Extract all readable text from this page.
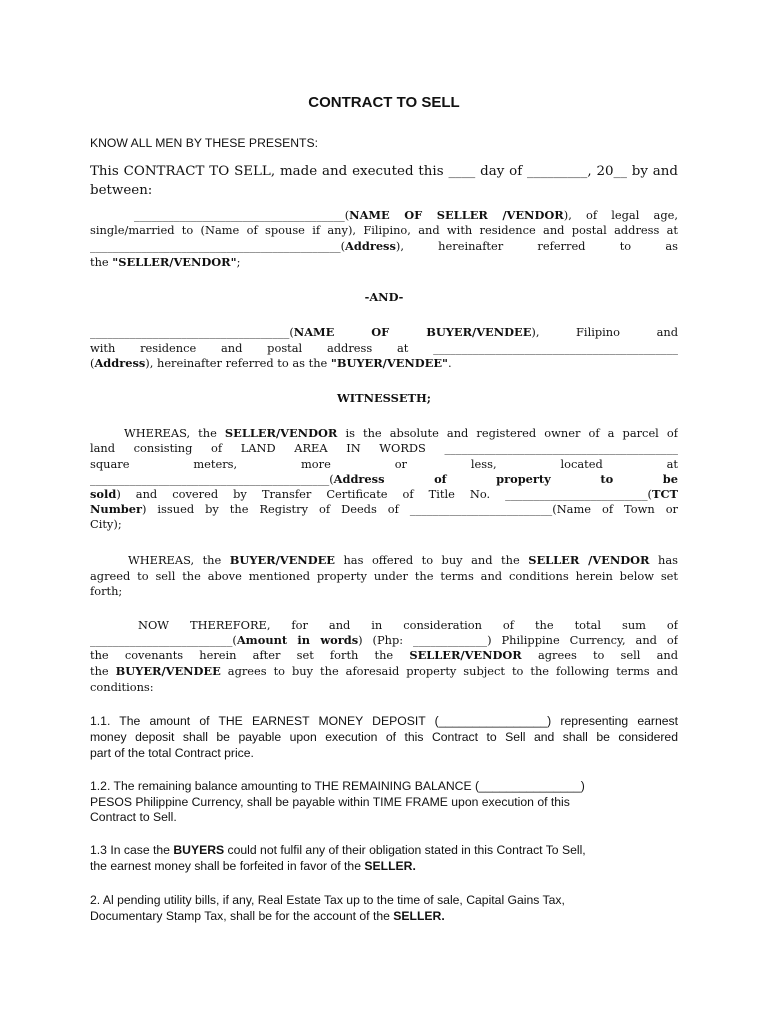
CONTRACT TO SELL

KNOW ALL MEN BY THESE PRESENTS:

This CONTRACT TO SELL, made and executed this ____ day of _________, 20__ by and

between:

_____________________________________(NAME OF SELLER /VENDOR), of legal age,

single/married to (Name of spouse if any), Filipino, and with residence and postal address at

____________________________________________(Address), hereinafter referred to as

the "SELLER/VENDOR";

-AND-

___________________________________(NAME OF BUYER/VENDEE), Filipino and

with residence and postal address at ___________________________________________

(Address), hereinafter referred to as the "BUYER/VENDEE".

WITNESSETH;

WHEREAS, the SELLER/VENDOR is the absolute and registered owner of a parcel of

land consisting of LAND AREA IN WORDS _________________________________________

square meters, more or less, located at

__________________________________________(Address of property to be

sold) and covered by Transfer Certificate of Title No. _________________________(TCT

Number) issued by the Registry of Deeds of _________________________(Name of Town or

City);

WHEREAS, the BUYER/VENDEE has offered to buy and the SELLER /VENDOR has

agreed to sell the above mentioned property under the terms and conditions herein below set

forth;

NOW THEREFORE, for and in consideration of the total sum of

_________________________(Amount in words) (Php: _____________) Philippine Currency, and of

the covenants herein after set forth the SELLER/VENDOR agrees to sell and

the BUYER/VENDEE agrees to buy the aforesaid property subject to the following terms and

conditions:

1.1. The amount of THE EARNEST MONEY DEPOSIT (________________) representing earnest

money deposit shall be payable upon execution of this Contract to Sell and shall be considered

part of the total Contract price.

1.2. The remaining balance amounting to THE REMAINING BALANCE (_______________)

PESOS Philippine Currency, shall be payable within TIME FRAME upon execution of this

Contract to Sell.

1.3 In case the BUYERS could not fulfil any of their obligation stated in this Contract To Sell,

the earnest money shall be forfeited in favor of the SELLER.

2. Al pending utility bills, if any, Real Estate Tax up to the time of sale, Capital Gains Tax,

Documentary Stamp Tax, shall be for the account of the SELLER.
